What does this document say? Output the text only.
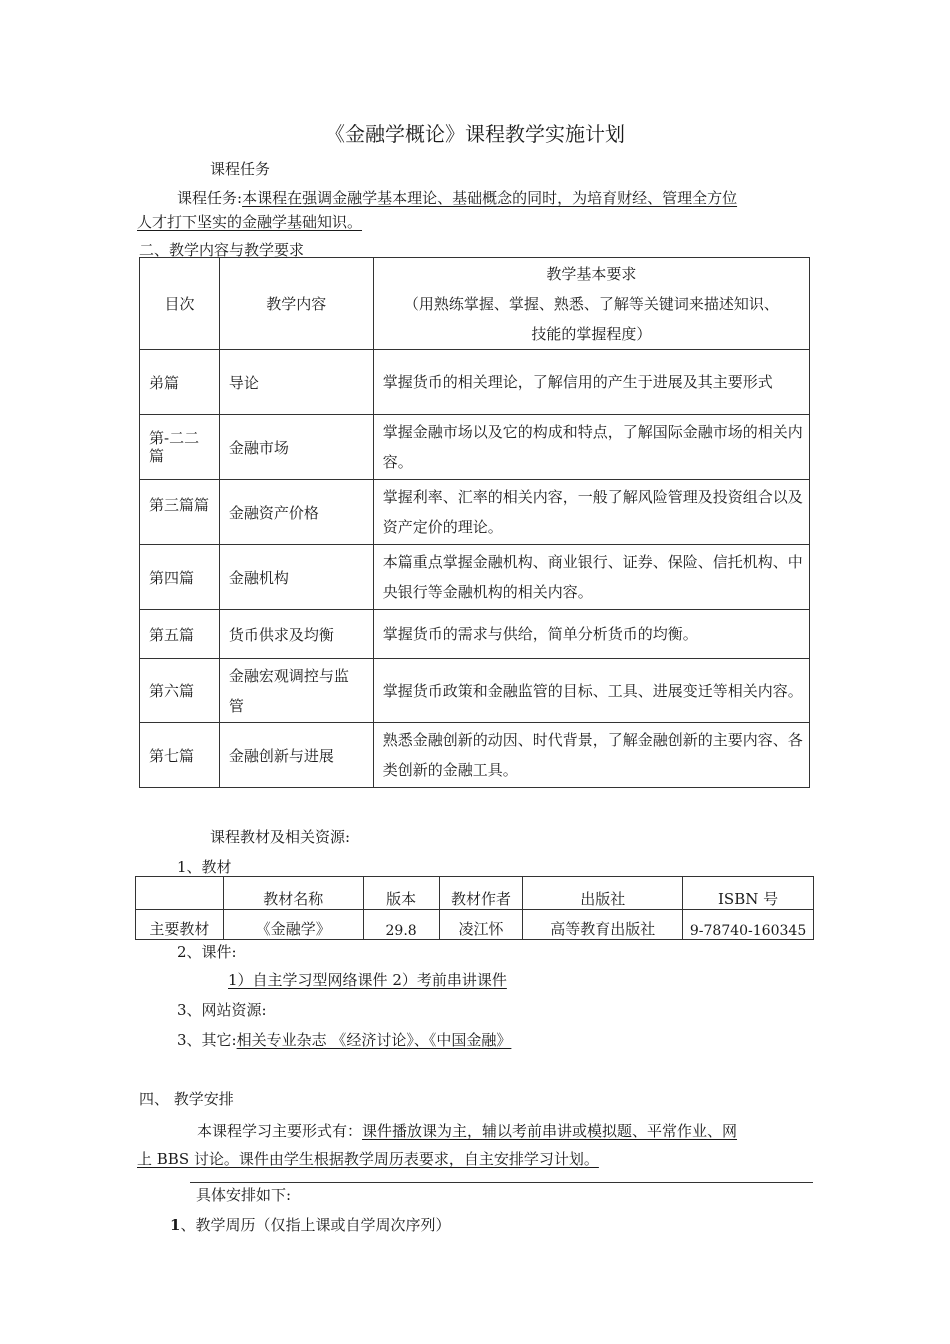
《金融学概论》课程教学实施计划
课程任务
课程任务:本课程在强调金融学基本理论、基础概念的同时，为培育财经、管理全方位
人才打下坚实的金融学基础知识。
二、教学内容与教学要求
目次	教学内容	教学基本要求
（用熟练掌握、掌握、熟悉、了解等关键词来描述知识、
技能的掌握程度）
弟篇	导论	掌握货币的相关理论，了解信用的产生于进展及其主要形式
第-二二篇	金融市场	掌握金融市场以及它的构成和特点，了解国际金融市场的相关内容。
第三篇篇	金融资产价格	掌握利率、汇率的相关内容，一般了解风险管理及投资组合以及资产定价的理论。
第四篇	金融机构	本篇重点掌握金融机构、商业银行、证券、保险、信托机构、中央银行等金融机构的相关内容。
第五篇	货币供求及均衡	掌握货币的需求与供给，简单分析货币的均衡。
第六篇	金融宏观调控与监管	掌握货币政策和金融监管的目标、工具、进展变迁等相关内容。
第七篇	金融创新与进展	熟悉金融创新的动因、时代背景，了解金融创新的主要内容、各类创新的金融工具。
课程教材及相关资源:
1、教材
	教材名称	版本	教材作者	出版社	ISBN 号
主要教材	《金融学》	29.8	凌江怀	高等教育出版社	9-78740-160345
2、课件:
1）自主学习型网络课件 2）考前串讲课件
3、网站资源:
3、其它:相关专业杂志 《经济讨论》、《中国金融》
四、 教学安排
本课程学习主要形式有：课件播放课为主，辅以考前串讲或模拟题、平常作业、网
上 BBS 讨论。课件由学生根据教学周历表要求，自主安排学习计划。
具体安排如下:
1、教学周历（仅指上课或自学周次序列）
